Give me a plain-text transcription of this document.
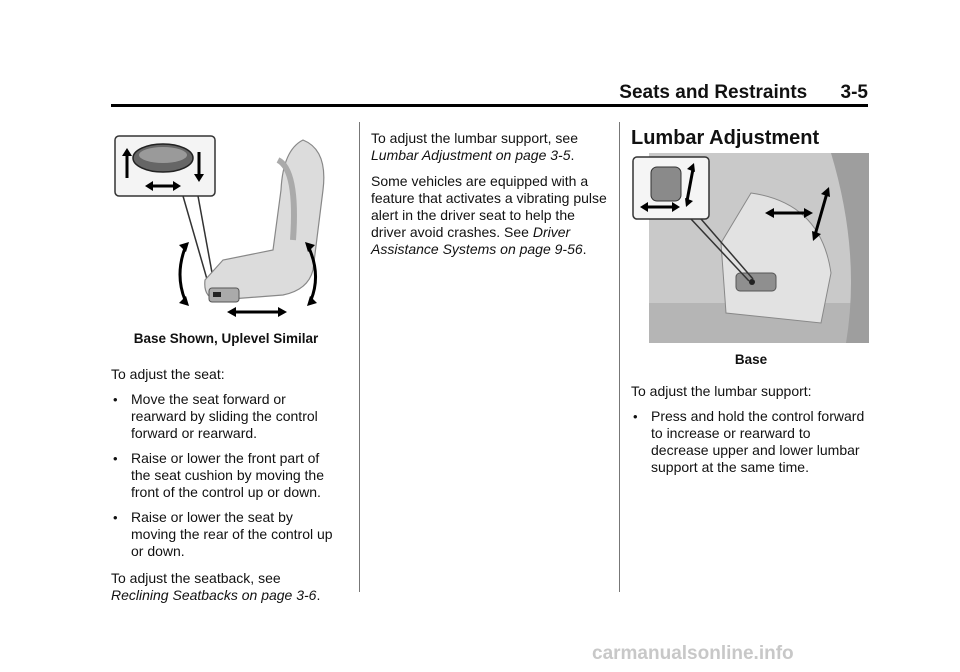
Seats and Restraints 3-5

Base Shown, Uplevel Similar

To adjust the seat:

• Move the seat forward or rearward by sliding the control forward or rearward.

• Raise or lower the front part of the seat cushion by moving the front of the control up or down.

• Raise or lower the seat by moving the rear of the control up or down.

To adjust the seatback, see
Reclining Seatbacks on page 3-6.

To adjust the lumbar support, see Lumbar Adjustment on page 3-5.

Some vehicles are equipped with a feature that activates a vibrating pulse alert in the driver seat to help the driver avoid crashes. See Driver Assistance Systems on page 9-56.

Lumbar Adjustment

Base

To adjust the lumbar support:

• Press and hold the control forward to increase or rearward to decrease upper and lower lumbar support at the same time.

carmanualsonline.info
